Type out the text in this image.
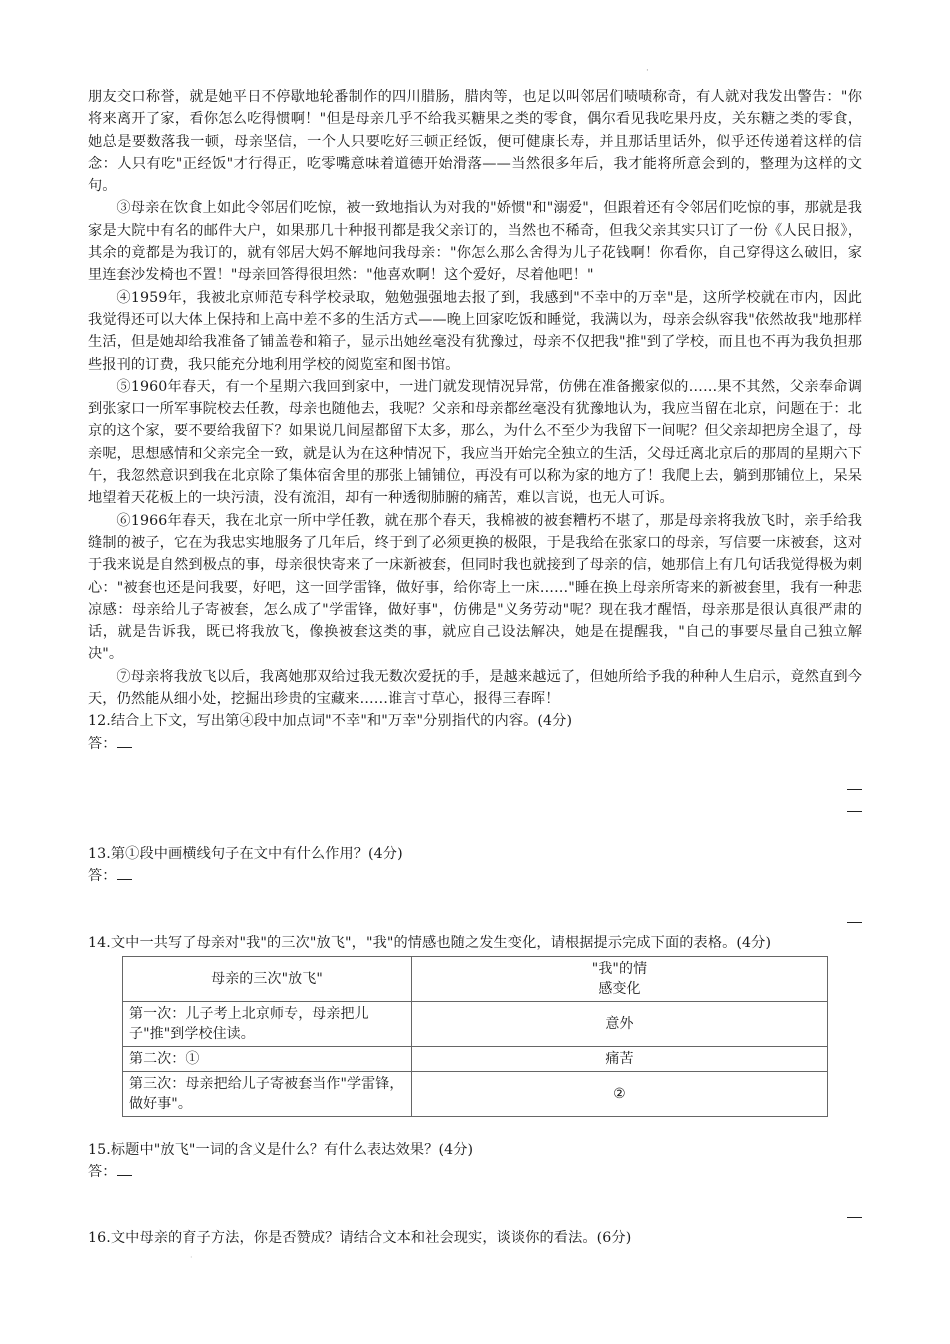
·

朋友交口称誉，就是她平日不停歇地轮番制作的四川腊肠，腊肉等，也足以叫邻居们啧啧称奇，有人就对我发出警告："你将来离开了家，看你怎么吃得惯啊！"但是母亲几乎不给我买糖果之类的零食，偶尔看见我吃果丹皮，关东糖之类的零食，她总是要数落我一顿，母亲坚信，一个人只要吃好三顿正经饭，便可健康长寿，并且那话里话外，似乎还传递着这样的信念：人只有吃"正经饭"才行得正，吃零嘴意味着道德开始滑落——当然很多年后，我才能将所意会到的，整理为这样的文句。

③母亲在饮食上如此令邻居们吃惊，被一致地指认为对我的"娇惯"和"溺爱"，但跟着还有令邻居们吃惊的事，那就是我家是大院中有名的邮件大户，如果那几十种报刊都是我父亲订的，当然也不稀奇，但我父亲其实只订了一份《人民日报》，其余的竟都是为我订的，就有邻居大妈不解地问我母亲："你怎么那么舍得为儿子花钱啊！你看你，自己穿得这么破旧，家里连套沙发椅也不置！"母亲回答得很坦然："他喜欢啊！这个爱好，尽着他吧！"

④1959年，我被北京师范专科学校录取，勉勉强强地去报了到，我感到"不幸中的万幸"是，这所学校就在市内，因此我觉得还可以大体上保持和上高中差不多的生活方式——晚上回家吃饭和睡觉，我满以为，母亲会纵容我"依然故我"地那样生活，但是她却给我准备了铺盖卷和箱子，显示出她丝毫没有犹豫过，母亲不仅把我"推"到了学校，而且也不再为我负担那些报刊的订费，我只能充分地利用学校的阅览室和图书馆。

⑤1960年春天，有一个星期六我回到家中，一进门就发现情况异常，仿佛在准备搬家似的……果不其然，父亲奉命调到张家口一所军事院校去任教，母亲也随他去，我呢？父亲和母亲都丝毫没有犹豫地认为，我应当留在北京，问题在于：北京的这个家，要不要给我留下？如果说几间屋都留下太多，那么，为什么不至少为我留下一间呢？但父亲却把房全退了，母亲呢，思想感情和父亲完全一致，就是认为在这种情况下，我应当开始完全独立的生活，父母迁离北京后的那周的星期六下午，我忽然意识到我在北京除了集体宿舍里的那张上铺铺位，再没有可以称为家的地方了！我爬上去，躺到那铺位上，呆呆地望着天花板上的一块污渍，没有流泪，却有一种透彻肺腑的痛苦，难以言说，也无人可诉。

⑥1966年春天，我在北京一所中学任教，就在那个春天，我棉被的被套糟朽不堪了，那是母亲将我放飞时，亲手给我缝制的被子，它在为我忠实地服务了几年后，终于到了必须更换的极限，于是我给在张家口的母亲，写信要一床被套，这对于我来说是自然到极点的事，母亲很快寄来了一床新被套，但同时我也就接到了母亲的信，她那信上有几句话我觉得极为刺心："被套也还是问我要，好吧，这一回学雷锋，做好事，给你寄上一床……"睡在换上母亲所寄来的新被套里，我有一种悲凉感：母亲给儿子寄被套，怎么成了"学雷锋，做好事"，仿佛是"义务劳动"呢？现在我才醒悟，母亲那是很认真很严肃的话，就是告诉我，既已将我放飞，像换被套这类的事，就应自己设法解决，她是在提醒我，"自己的事要尽量自己独立解决"。

⑦母亲将我放飞以后，我离她那双给过我无数次爱抚的手，是越来越远了，但她所给予我的种种人生启示，竟然直到今天，仍然能从细小处，挖掘出珍贵的宝藏来……谁言寸草心，报得三春晖！

12.结合上下文，写出第④段中加点词"不幸"和"万幸"分别指代的内容。(4分)

答：

13.第①段中画横线句子在文中有什么作用？(4分)

答：

14.文中一共写了母亲对"我"的三次"放飞"，"我"的情感也随之发生变化，请根据提示完成下面的表格。(4分)

母亲的三次"放飞"	"我"的情
感变化

第一次：儿子考上北京师专，母亲把儿子"推"到学校住读。	意外
第二次：①	痛苦
第三次：母亲把给儿子寄被套当作"学雷锋，做好事"。	②

15.标题中"放飞"一词的含义是什么？有什么表达效果？(4分)

答：

16.文中母亲的育子方法，你是否赞成？请结合文本和社会现实，谈谈你的看法。(6分)

·
